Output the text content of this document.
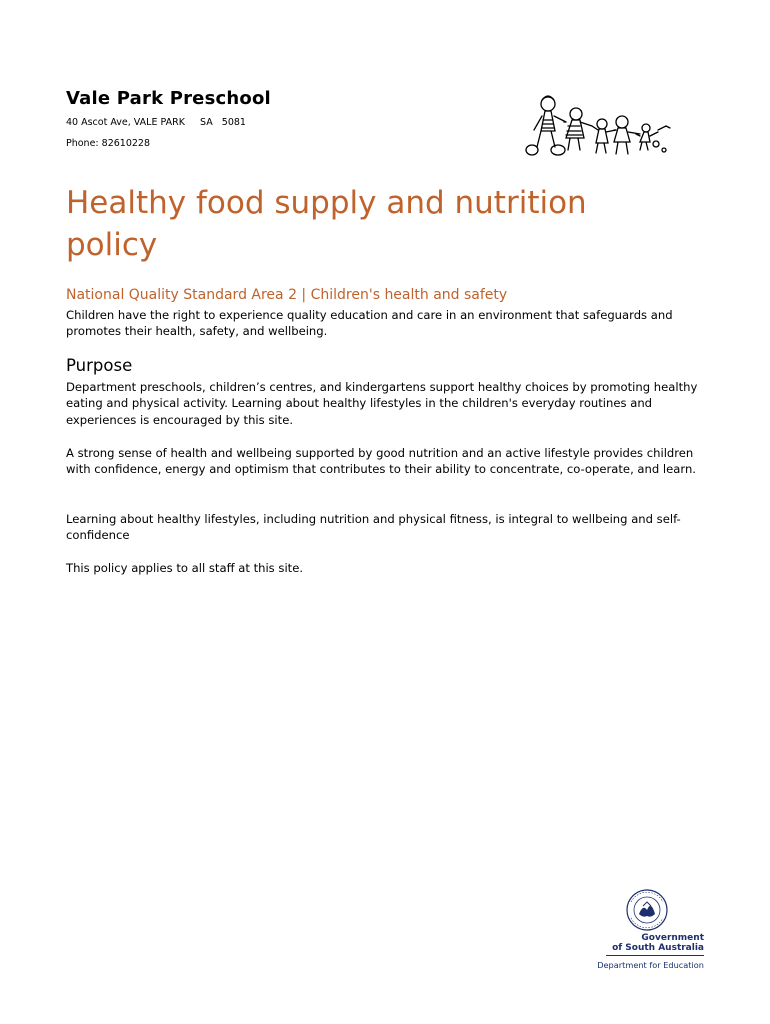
Vale Park Preschool
40 Ascot Ave, VALE PARK     SA   5081
Phone: 82610228
Healthy food supply and nutrition policy
National Quality Standard Area 2 | Children's health and safety

Children have the right to experience quality education and care in an environment that safeguards and promotes their health, safety, and wellbeing.

Purpose

Department preschools, children’s centres, and kindergartens support healthy choices by promoting healthy eating and physical activity. Learning about healthy lifestyles in the children's everyday routines and experiences is encouraged by this site.

A strong sense of health and wellbeing supported by good nutrition and an active lifestyle provides children with confidence, energy and optimism that contributes to their ability to concentrate, co-operate, and learn.

Learning about healthy lifestyles, including nutrition and physical fitness, is integral to wellbeing and self-confidence

This policy applies to all staff at this site.

Government
of South Australia
Department for Education
